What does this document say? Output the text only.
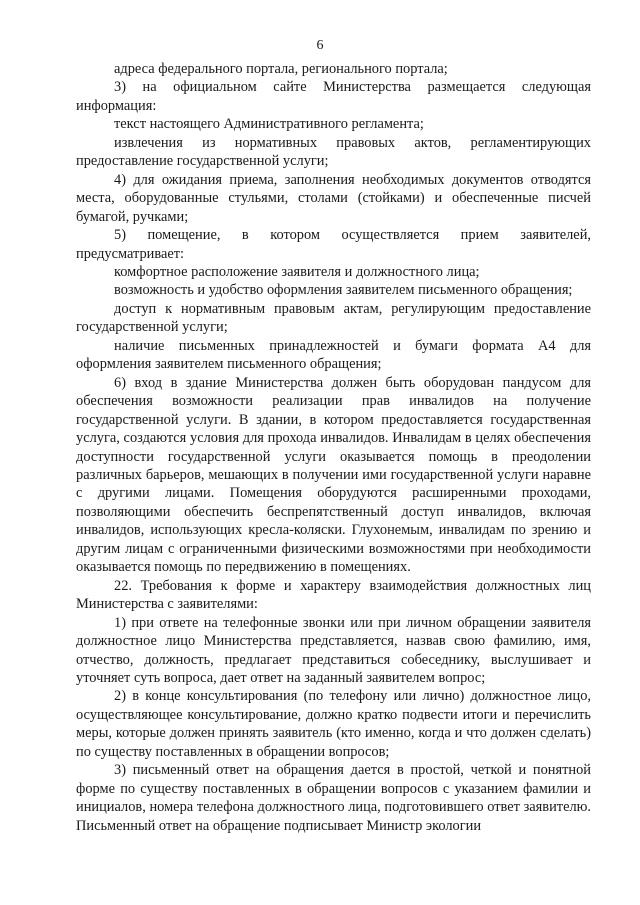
6

адреса федерального портала, регионального портала;

3) на официальном сайте Министерства размещается следующая информация:

текст настоящего Административного регламента;

извлечения из нормативных правовых актов, регламентирующих предоставление государственной услуги;

4) для ожидания приема, заполнения необходимых документов отводятся места, оборудованные стульями, столами (стойками) и обеспеченные писчей бумагой, ручками;

5) помещение, в котором осуществляется прием заявителей, предусматривает:

комфортное расположение заявителя и должностного лица;

возможность и удобство оформления заявителем письменного обращения;

доступ к нормативным правовым актам, регулирующим предоставление государственной услуги;

наличие письменных принадлежностей и бумаги формата А4 для оформления заявителем письменного обращения;

6) вход в здание Министерства должен быть оборудован пандусом для обеспечения возможности реализации прав инвалидов на получение государственной услуги. В здании, в котором предоставляется государственная услуга, создаются условия для прохода инвалидов. Инвалидам в целях обеспечения доступности государственной услуги оказывается помощь в преодолении различных барьеров, мешающих в получении ими государственной услуги наравне с другими лицами. Помещения оборудуются расширенными проходами, позволяющими обеспечить беспрепятственный доступ инвалидов, включая инвалидов, использующих кресла-коляски. Глухонемым, инвалидам по зрению и другим лицам с ограниченными физическими возможностями при необходимости оказывается помощь по передвижению в помещениях.

22. Требования к форме и характеру взаимодействия должностных лиц Министерства с заявителями:

1) при ответе на телефонные звонки или при личном обращении заявителя должностное лицо Министерства представляется, назвав свою фамилию, имя, отчество, должность, предлагает представиться собеседнику, выслушивает и уточняет суть вопроса, дает ответ на заданный заявителем вопрос;

2) в конце консультирования (по телефону или лично) должностное лицо, осуществляющее консультирование, должно кратко подвести итоги и перечислить меры, которые должен принять заявитель (кто именно, когда и что должен сделать) по существу поставленных в обращении вопросов;

3) письменный ответ на обращения дается в простой, четкой и понятной форме по существу поставленных в обращении вопросов с указанием фамилии и инициалов, номера телефона должностного лица, подготовившего ответ заявителю. Письменный ответ на обращение подписывает Министр экологии
